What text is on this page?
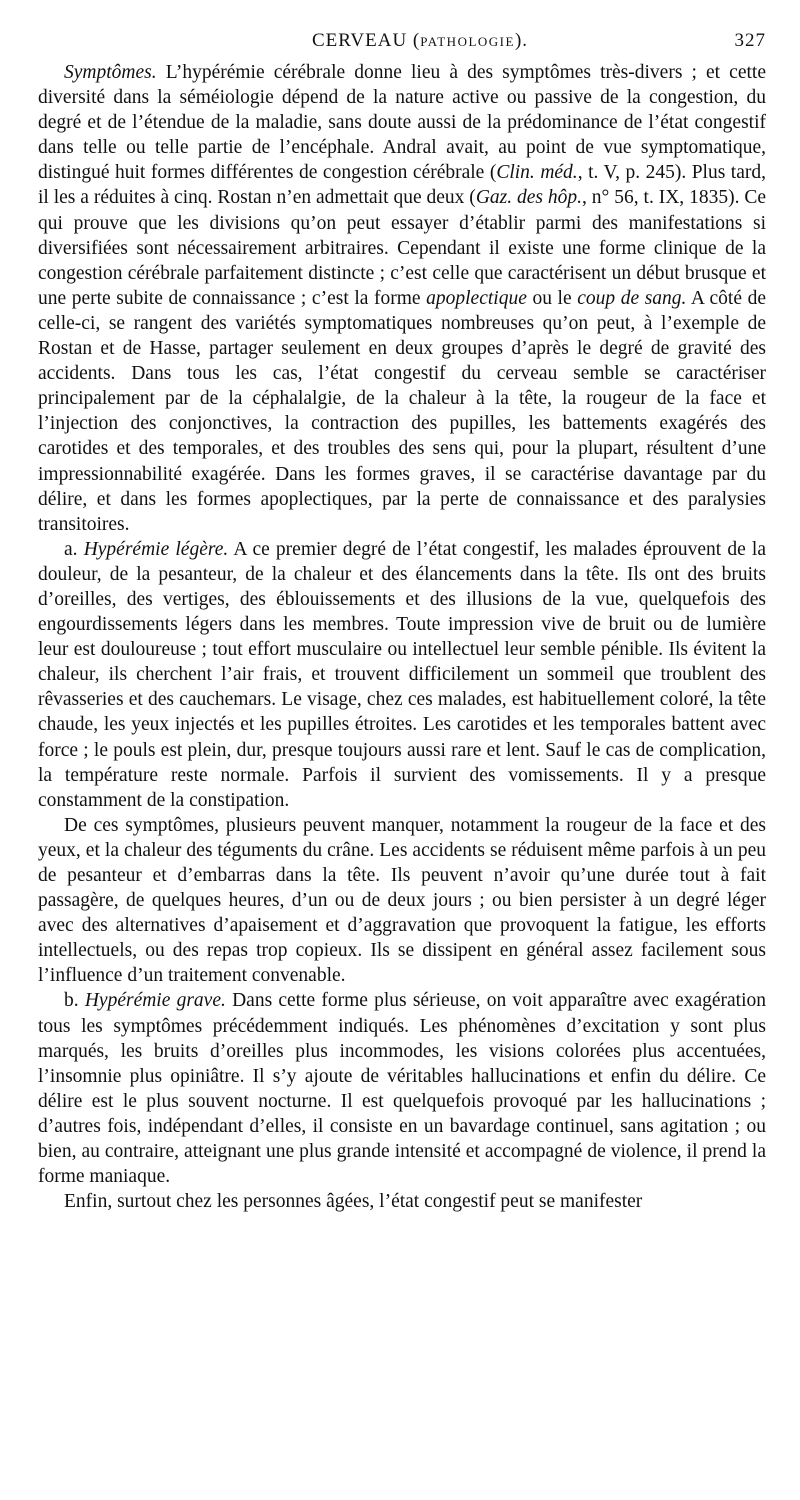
CERVEAU (PATHOLOGIE).	327

Symptômes. L’hypérémie cérébrale donne lieu à des symptômes très-divers ; et cette diversité dans la séméiologie dépend de la nature active ou passive de la congestion, du degré et de l’étendue de la maladie, sans doute aussi de la prédominance de l’état congestif dans telle ou telle partie de l’encéphale. Andral avait, au point de vue symptomatique, distingué huit formes différentes de congestion cérébrale (Clin. méd., t. V, p. 245). Plus tard, il les a réduites à cinq. Rostan n’en admettait que deux (Gaz. des hôp., n° 56, t. IX, 1835). Ce qui prouve que les divisions qu’on peut essayer d’établir parmi des manifestations si diversifiées sont nécessairement arbitraires. Cependant il existe une forme clinique de la congestion cérébrale parfaitement distincte ; c’est celle que caractérisent un début brusque et une perte subite de connaissance ; c’est la forme apoplectique ou le coup de sang. A côté de celle-ci, se rangent des variétés symptomatiques nombreuses qu’on peut, à l’exemple de Rostan et de Hasse, partager seulement en deux groupes d’après le degré de gravité des accidents. Dans tous les cas, l’état congestif du cerveau semble se caractériser principalement par de la céphalalgie, de la chaleur à la tête, la rougeur de la face et l’injection des conjonctives, la contraction des pupilles, les battements exagérés des carotides et des temporales, et des troubles des sens qui, pour la plupart, résultent d’une impressionnabilité exagérée. Dans les formes graves, il se caractérise davantage par du délire, et dans les formes apoplectiques, par la perte de connaissance et des paralysies transitoires.

a. Hypérémie légère. A ce premier degré de l’état congestif, les malades éprouvent de la douleur, de la pesanteur, de la chaleur et des élancements dans la tête. Ils ont des bruits d’oreilles, des vertiges, des éblouissements et des illusions de la vue, quelquefois des engourdissements légers dans les membres. Toute impression vive de bruit ou de lumière leur est douloureuse ; tout effort musculaire ou intellectuel leur semble pénible. Ils évitent la chaleur, ils cherchent l’air frais, et trouvent difficilement un sommeil que troublent des rêvasseries et des cauchemars. Le visage, chez ces malades, est habituellement coloré, la tête chaude, les yeux injectés et les pupilles étroites. Les carotides et les temporales battent avec force ; le pouls est plein, dur, presque toujours aussi rare et lent. Sauf le cas de complication, la température reste normale. Parfois il survient des vomissements. Il y a presque constamment de la constipation.

De ces symptômes, plusieurs peuvent manquer, notamment la rougeur de la face et des yeux, et la chaleur des téguments du crâne. Les accidents se réduisent même parfois à un peu de pesanteur et d’embarras dans la tête. Ils peuvent n’avoir qu’une durée tout à fait passagère, de quelques heures, d’un ou de deux jours ; ou bien persister à un degré léger avec des alternatives d’apaisement et d’aggravation que provoquent la fatigue, les efforts intellectuels, ou des repas trop copieux. Ils se dissipent en général assez facilement sous l’influence d’un traitement convenable.

b. Hypérémie grave. Dans cette forme plus sérieuse, on voit apparaître avec exagération tous les symptômes précédemment indiqués. Les phénomènes d’excitation y sont plus marqués, les bruits d’oreilles plus incommodes, les visions colorées plus accentuées, l’insomnie plus opiniâtre. Il s’y ajoute de véritables hallucinations et enfin du délire. Ce délire est le plus souvent nocturne. Il est quelquefois provoqué par les hallucinations ; d’autres fois, indépendant d’elles, il consiste en un bavardage continuel, sans agitation ; ou bien, au contraire, atteignant une plus grande intensité et accompagné de violence, il prend la forme maniaque.

Enfin, surtout chez les personnes âgées, l’état congestif peut se manifester
